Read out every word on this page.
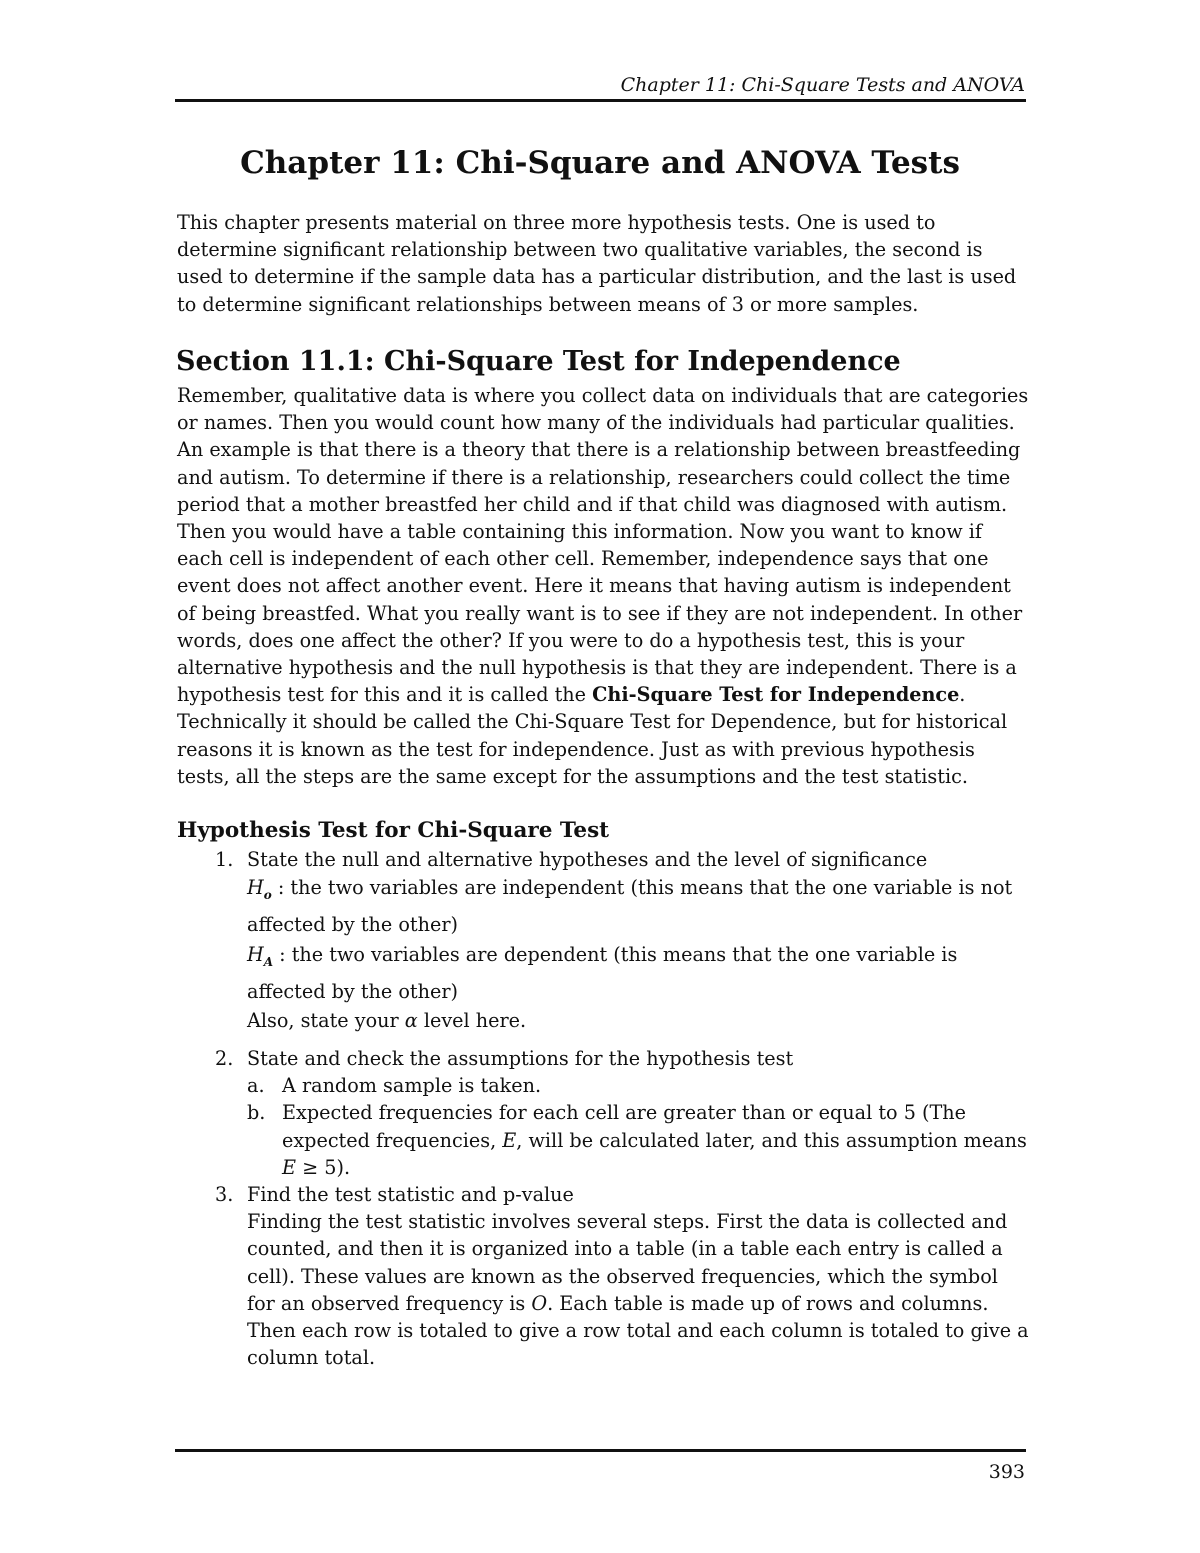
Chapter 11: Chi-Square Tests and ANOVA
Chapter 11: Chi-Square and ANOVA Tests

This chapter presents material on three more hypothesis tests. One is used to determine significant relationship between two qualitative variables, the second is used to determine if the sample data has a particular distribution, and the last is used to determine significant relationships between means of 3 or more samples.

Section 11.1: Chi-Square Test for Independence

Remember, qualitative data is where you collect data on individuals that are categories or names. Then you would count how many of the individuals had particular qualities. An example is that there is a theory that there is a relationship between breastfeeding and autism. To determine if there is a relationship, researchers could collect the time period that a mother breastfed her child and if that child was diagnosed with autism. Then you would have a table containing this information. Now you want to know if each cell is independent of each other cell. Remember, independence says that one event does not affect another event. Here it means that having autism is independent of being breastfed. What you really want is to see if they are not independent. In other words, does one affect the other? If you were to do a hypothesis test, this is your alternative hypothesis and the null hypothesis is that they are independent. There is a hypothesis test for this and it is called the Chi-Square Test for Independence. Technically it should be called the Chi-Square Test for Dependence, but for historical reasons it is known as the test for independence. Just as with previous hypothesis tests, all the steps are the same except for the assumptions and the test statistic.

Hypothesis Test for Chi-Square Test
1. State the null and alternative hypotheses and the level of significance
$H_o$ : the two variables are independent (this means that the one variable is not affected by the other)
$H_A$ : the two variables are dependent (this means that the one variable is affected by the other)
Also, state your α level here.
2. State and check the assumptions for the hypothesis test
a. A random sample is taken.
b. Expected frequencies for each cell are greater than or equal to 5 (The expected frequencies, E, will be calculated later, and this assumption means E ≥ 5).
3. Find the test statistic and p-value
Finding the test statistic involves several steps. First the data is collected and counted, and then it is organized into a table (in a table each entry is called a cell). These values are known as the observed frequencies, which the symbol for an observed frequency is O. Each table is made up of rows and columns. Then each row is totaled to give a row total and each column is totaled to give a column total.
393
